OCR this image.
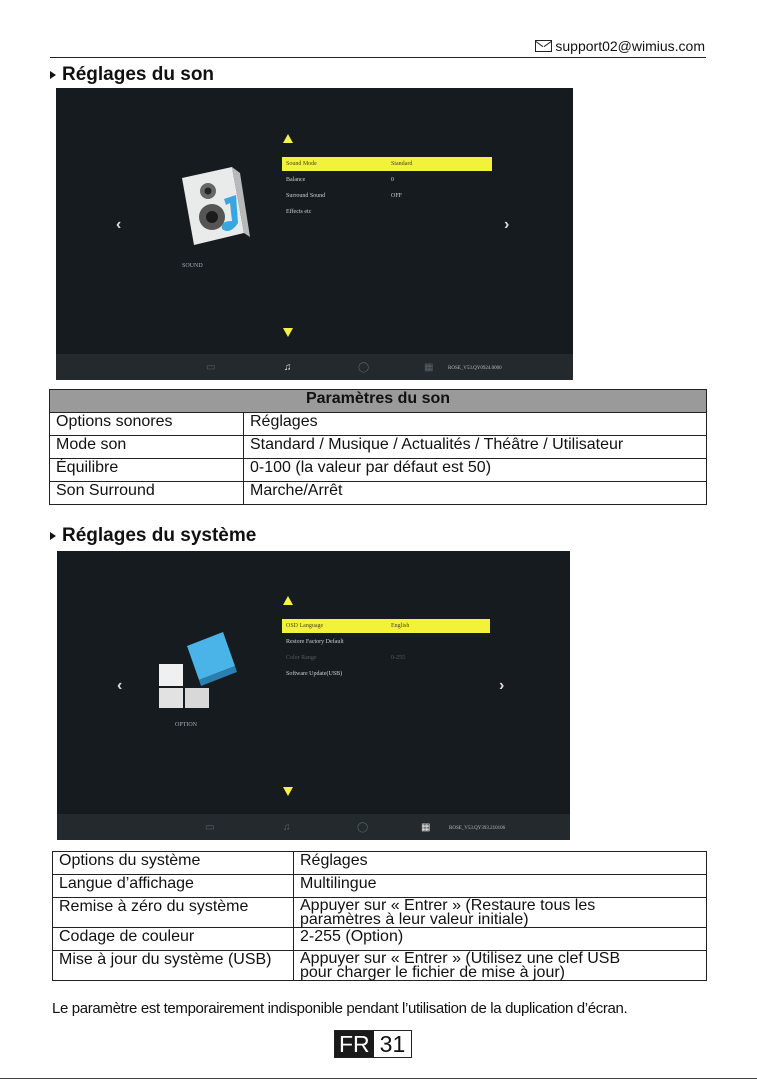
support02@wimius.com
Réglages du son
‹	›
SOUND
Sound Mode	Standard
Balance	0
Surround Sound	OFF
Effects etc
▭	♫	◯	▦	ROSE_V53.QY0924.0000
Paramètres du son	
Options sonores	Réglages
Mode son	Standard / Musique / Actualités / Théâtre / Utilisateur
Équilibre	0-100 (la valeur par défaut est 50)
Son Surround	Marche/Arrêt
Réglages du système
‹	›
OPTION
OSD Language	English
Restore Factory Default
Color Range	0-255
Software Update(USB)
▭	♫	◯	▦	ROSE_V53.QY393.210106
Options du système	Réglages
Langue d’affichage	Multilingue
Remise à zéro du système	Appuyer sur « Entrer » (Restaure tous les
paramètres à leur valeur initiale)
Codage de couleur	2-255 (Option)
Mise à jour du système (USB)	Appuyer sur « Entrer » (Utilisez une clef USB
pour charger le fichier de mise à jour)
Le paramètre est temporairement indisponible pendant l’utilisation de la duplication d’écran.
FR 31
